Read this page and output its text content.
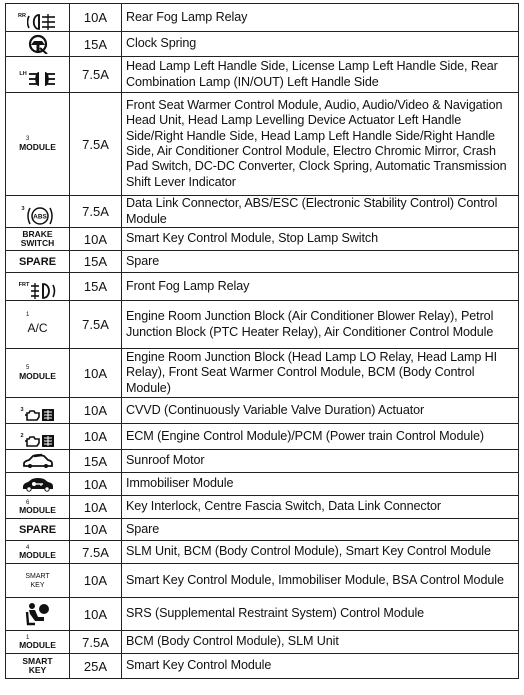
RR	10A	Rear Fog Lamp Relay
	15A	Clock Spring

LH	7.5A	Head Lamp Left Handle Side, License Lamp Left Handle Side, Rear Combination Lamp (IN/OUT) Left Handle Side

3
MODULE	7.5A	Front Seat Warmer Control Module, Audio, Audio/Video & Navigation Head Unit, Head Lamp Levelling Device Actuator Left Handle Side/Right Handle Side, Head Lamp Left Handle Side/Right Handle Side, Air Conditioner Control Module, Electro Chromic Mirror, Crash Pad Switch, DC-DC Converter, Clock Spring, Automatic Transmission Shift Lever Indicator

3
ABS	7.5A	Data Link Connector, ABS/ESC (Electronic Stability Control) Control Module

BRAKE
SWITCH	10A	Smart Key Control Module, Stop Lamp Switch

SPARE	15A	Spare

FRT	15A	Front Fog Lamp Relay

1
A/C	7.5A	Engine Room Junction Block (Air Conditioner Blower Relay), Petrol Junction Block (PTC Heater Relay), Air Conditioner Control Module

5
MODULE	10A	Engine Room Junction Block (Head Lamp LO Relay, Head Lamp HI Relay), Front Seat Warmer Control Module, BCM (Body Control Module)

3	10A	CVVD (Continuously Variable Valve Duration) Actuator

2	10A	ECM (Engine Control Module)/PCM (Power train Control Module)
	15A	Sunroof Motor
	10A	Immobiliser Module

6
MODULE	10A	Key Interlock, Centre Fascia Switch, Data Link Connector

SPARE	10A	Spare

4
MODULE	7.5A	SLM Unit, BCM (Body Control Module), Smart Key Control Module

SMART
KEY	10A	Smart Key Control Module, Immobiliser Module, BSA Control Module
	10A	SRS (Supplemental Restraint System) Control Module

1
MODULE	7.5A	BCM (Body Control Module), SLM Unit

SMART
KEY	25A	Smart Key Control Module
